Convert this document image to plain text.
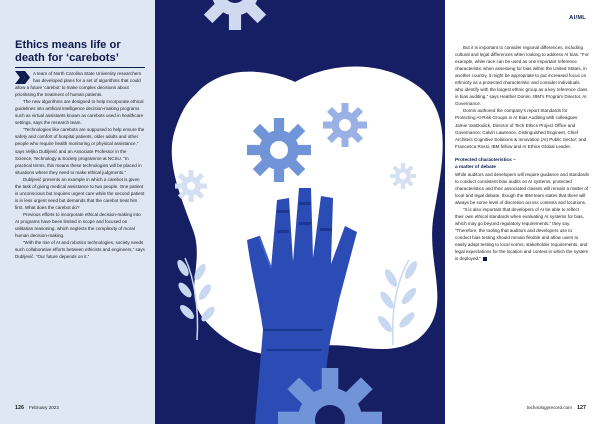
Ethics means life or
death for ‘carebots’

A team of North Carolina State University researchers has developed plans for a set of algorithms that could allow a future ‘carebot’ to make complex decisions about prioritising the treatment of human patients.

The new algorithms are designed to help incorporate ethical guidelines into artificial intelligence decision-making programs such as virtual assistants known as carebots used in healthcare settings, says the research team.

“Technologies like carebots are supposed to help ensure the safety and comfort of hospital patients, older adults and other people who require health monitoring or physical assistance,” says Veljko Dubljević and an Associate Professor in the Science, Technology & Society programme at NCSU. “In practical terms, this means these technologies will be placed in situations where they need to make ethical judgments.”

Dubljević presents an example in which a carebot is given the task of giving medical assistance to two people. One patient is unconscious but requires urgent care while the second patient is in less urgent need but demands that the carebot treat him first. What does the carebot do?

Previous efforts to incorporate ethical decision-making into AI programs have been limited in scope and focused on utilitarian reasoning, which neglects the complexity of moral human decision-making.

“With the rise of AI and robotics technologies, society needs such collaborative efforts between ethicists and engineers,” says Dubljević. “Our future depends on it.”

126 February 2023
AI/ML

But it is important to consider regional differences, including cultural and legal differences when looking to address AI bias. “For example, while race can be used as one important reference characteristic when assessing for bias within the United States, in another country, it might be appropriate to put increased focus on ethnicity as a protected characteristic and consider individuals who identify with the largest ethnic group as a key reference class in bias auditing,” says Heather Domin, IBM’s Program Director, AI Governance.

Domin authored the company’s report Standards for Protecting At-Risk Groups in AI Bias Auditing with colleagues Jamie VanDodick, Director of Tech Ethics Project Office and Governance; Calvin Lawrence, Distinguished Engineer, Chief Architect Cognitive Solutions & Innovation (AI) Public Sector; and Francesca Rossi, IBM fellow and AI Ethics Global Leader.

Protected characteristics –
a matter of debate

While auditors and developers will require guidance and standards to conduct consistent bias audits on AI systems, protected characteristics and their associated classes will remain a matter of local and legal debate, though the IBM team states that there will always be some level of discretion across contexts and locations.

“It is also important that developers of AI be able to reflect their own ethical standards when evaluating AI systems for bias, which may go beyond regulatory requirements,” they say. “Therefore, the tooling that auditors and developers use to conduct bias testing should remain flexible and allow users to easily adapt testing to local norms, stakeholder requirements, and legal expectations for the location and context in which the system is deployed.”

technologyrecord.com 127
